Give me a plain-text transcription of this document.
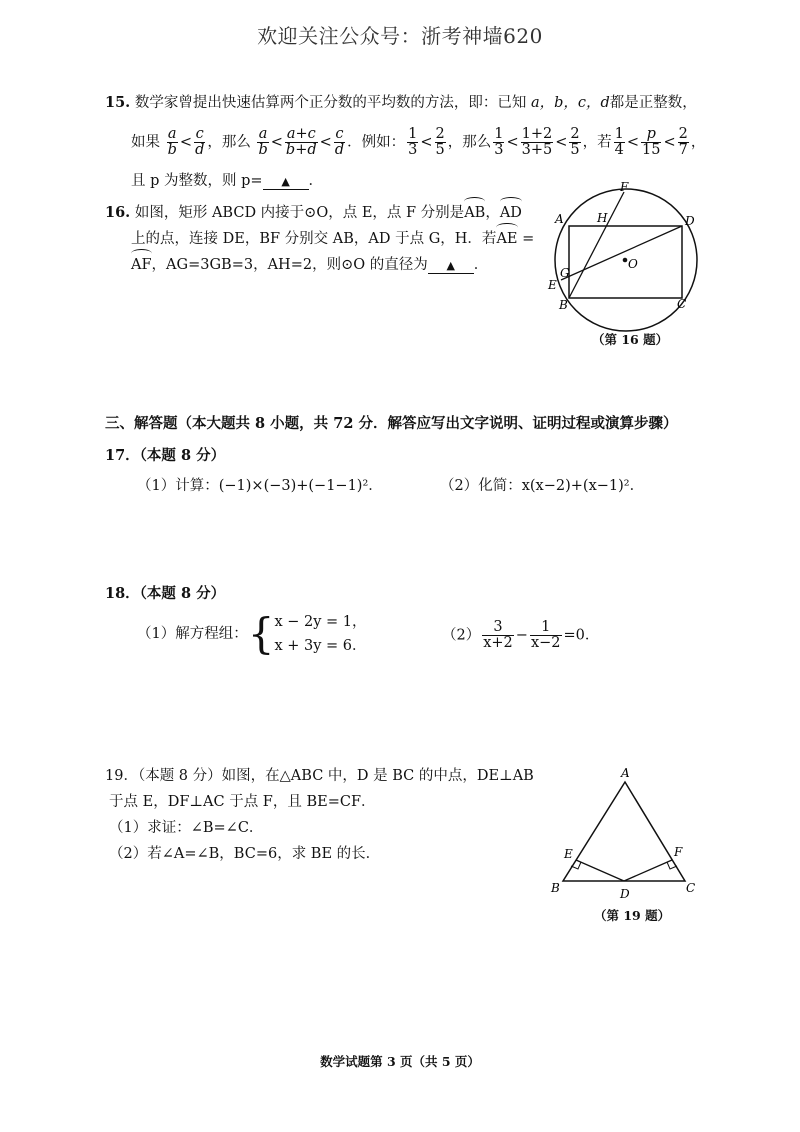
欢迎关注公众号：浙考神墙620
15. 数学家曾提出快速估算两个正分数的平均数的方法，即：已知 a，b，c，d都是正整数，
如果 $\frac{a}{b} < \frac{c}{d}$ ，那么 $\frac{a}{b} < \frac{a+c}{b+d} < \frac{c}{d}$ ．例如： $\frac{1}{3} < \frac{2}{5}$ ，那么 $\frac{1}{3} < \frac{1+2}{3+5} < \frac{2}{5}$ ，若 $\frac{1}{4} < \frac{p}{15} < \frac{2}{7}$ ，
且 p 为整数，则 p= ▲ ．
16. 如图，矩形 ABCD 内接于⊙O，点 E，点 F 分别是AB，AD
上的点，连接 DE，BF 分别交 AB，AD 于点 G，H．若AE =
AF，AG=3GB=3，AH=2，则⊙O 的直径为 ▲ ．
A
B	C
D
E
F
G
H
O
（第 16 题）
三、解答题（本大题共 8 小题，共 72 分．解答应写出文字说明、证明过程或演算步骤）
17．（本题 8 分）
（1）计算：(−1)×(−3)+(−1−1)²．	（2）化简：x(x−2)+(x−1)²．
18．（本题 8 分）
（1）解方程组：{ x − 2y = 1，
x + 3y = 6．
$(2) \frac{3}{x+2} - \frac{1}{x-2} =0$．
19．（本题 8 分）如图，在△ABC 中，D 是 BC 的中点，DE⊥AB
于点 E，DF⊥AC 于点 F，且 BE=CF．
（1）求证：∠B=∠C．
（2）若∠A=∠B，BC=6，求 BE 的长．
A
B	C
D
E	F
（第 19 题）
数学试题第 3 页（共 5 页）
